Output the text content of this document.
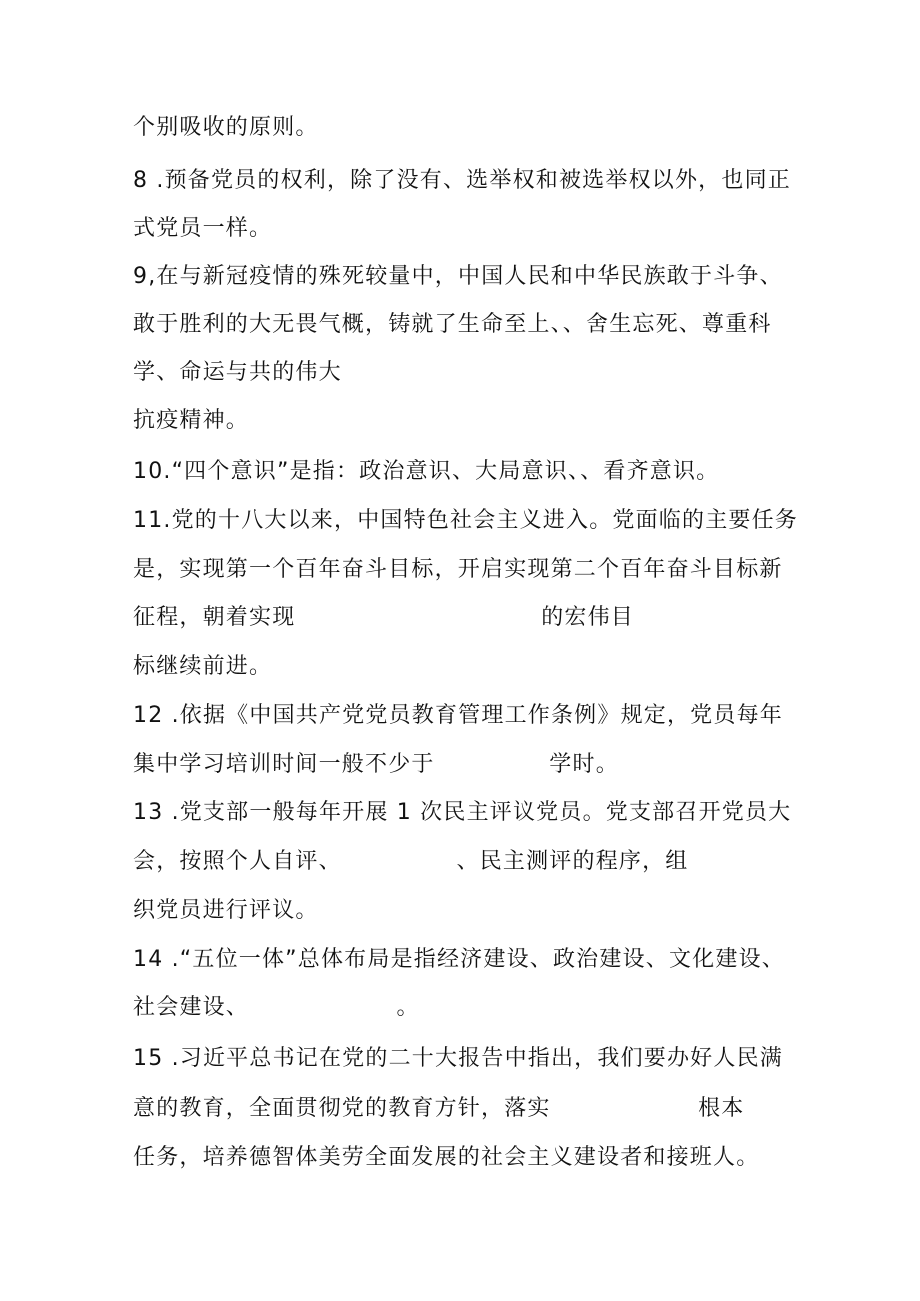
个别吸收的原则。
8 .预备党员的权利，除了没有、选举权和被选举权以外，也同正
式党员一样。
9,在与新冠疫情的殊死较量中，中国人民和中华民族敢于斗争、
敢于胜利的大无畏气概，铸就了生命至上、、舍生忘死、尊重科
学、命运与共的伟大
抗疫精神。
10.“四个意识”是指：政治意识、大局意识、、看齐意识。
11.党的十八大以来，中国特色社会主义进入。党面临的主要任务
是，实现第一个百年奋斗目标，开启实现第二个百年奋斗目标新
征程，朝着实现                              的宏伟目
标继续前进。
12 .依据《中国共产党党员教育管理工作条例》规定，党员每年
集中学习培训时间一般不少于              学时。
13 .党支部一般每年开展 1 次民主评议党员。党支部召开党员大
会，按照个人自评、              、民主测评的程序，组
织党员进行评议。
14 .“五位一体”总体布局是指经济建设、政治建设、文化建设、
社会建设、                  。
15 .习近平总书记在党的二十大报告中指出，我们要办好人民满
意的教育，全面贯彻党的教育方针，落实                  根本
任务，培养德智体美劳全面发展的社会主义建设者和接班人。
